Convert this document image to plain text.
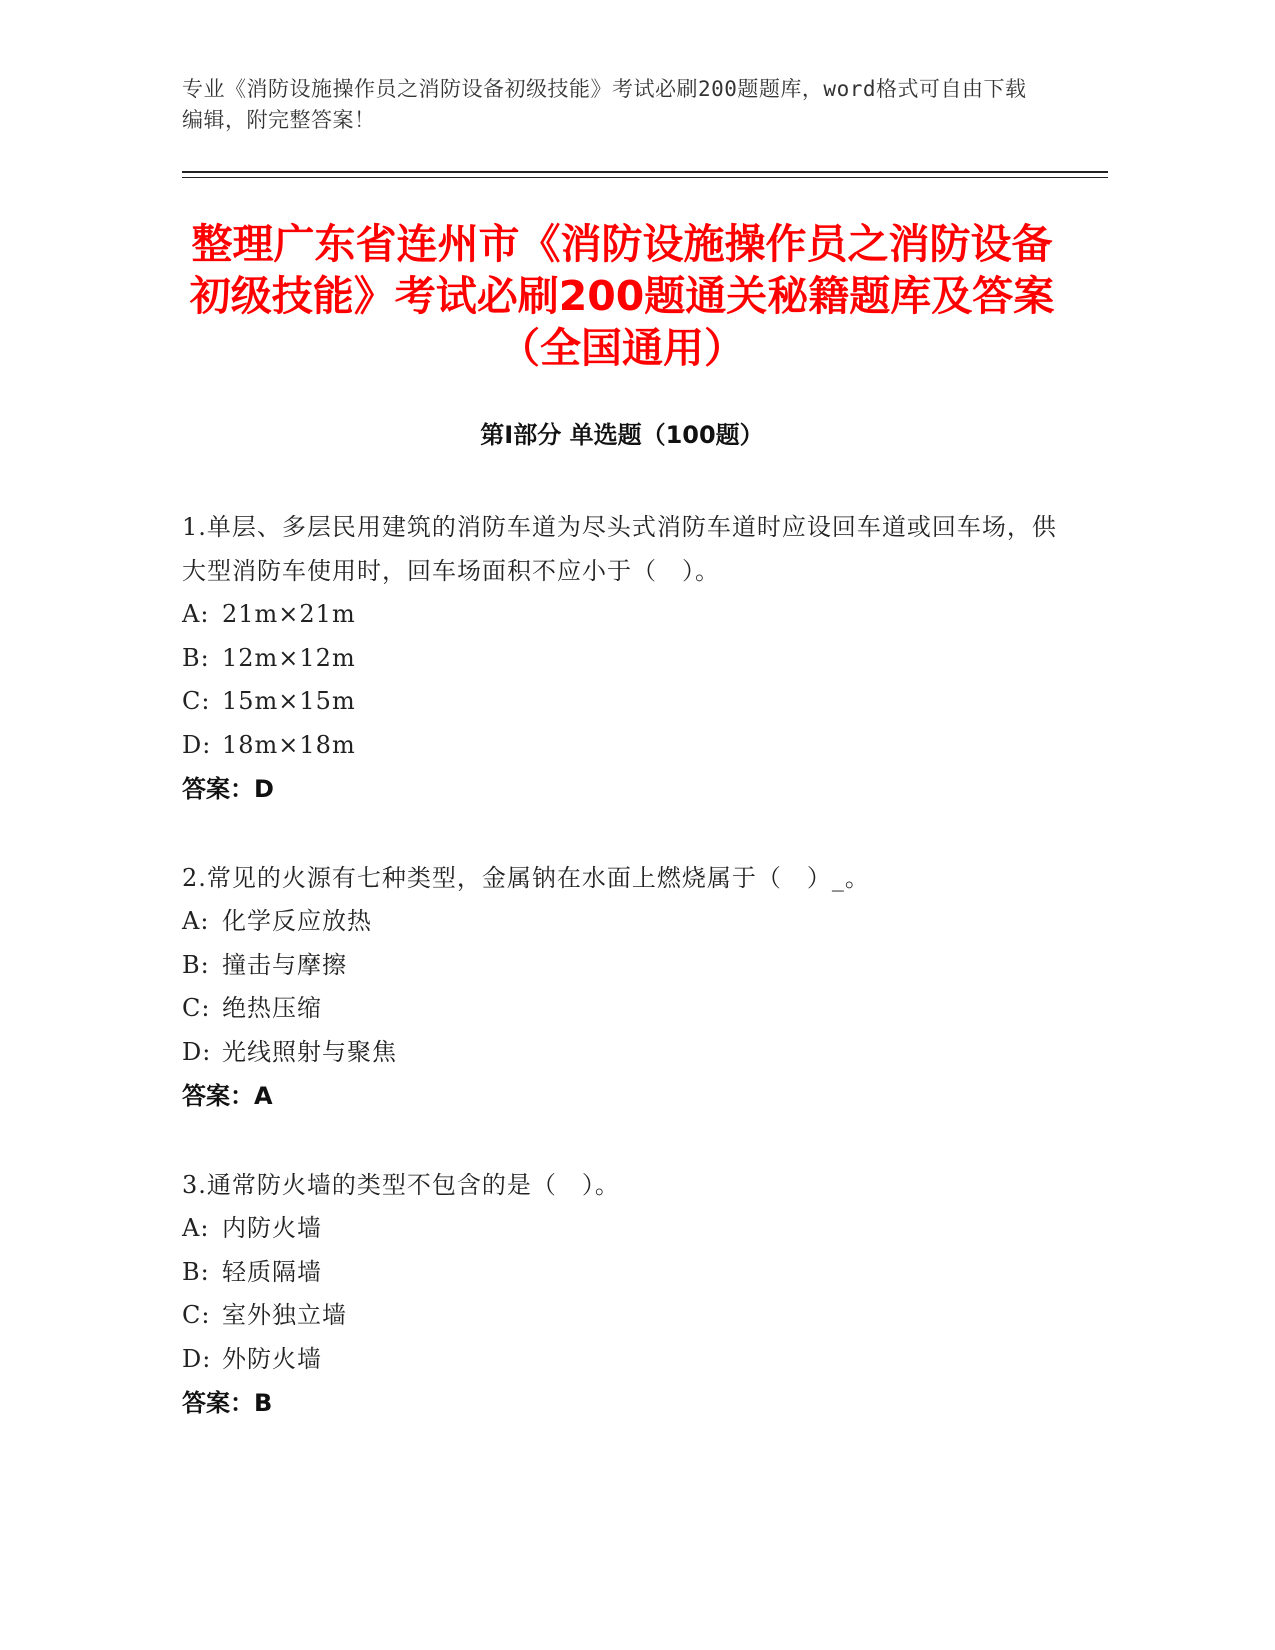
专业《消防设施操作员之消防设备初级技能》考试必刷200题题库，word格式可自由下载编辑，附完整答案！
整理广东省连州市《消防设施操作员之消防设备初级技能》考试必刷200题通关秘籍题库及答案（全国通用）
第Ⅰ部分 单选题（100题）
1.单层、多层民用建筑的消防车道为尽头式消防车道时应设回车道或回车场，供大型消防车使用时，回车场面积不应小于（　）。
A: 21m×21m
B: 12m×12m
C: 15m×15m
D: 18m×18m
答案：D
2.常见的火源有七种类型，金属钠在水面上燃烧属于（　）_。
A: 化学反应放热
B: 撞击与摩擦
C: 绝热压缩
D: 光线照射与聚焦
答案：A
3.通常防火墙的类型不包含的是（　）。
A: 内防火墙
B: 轻质隔墙
C: 室外独立墙
D: 外防火墙
答案：B
